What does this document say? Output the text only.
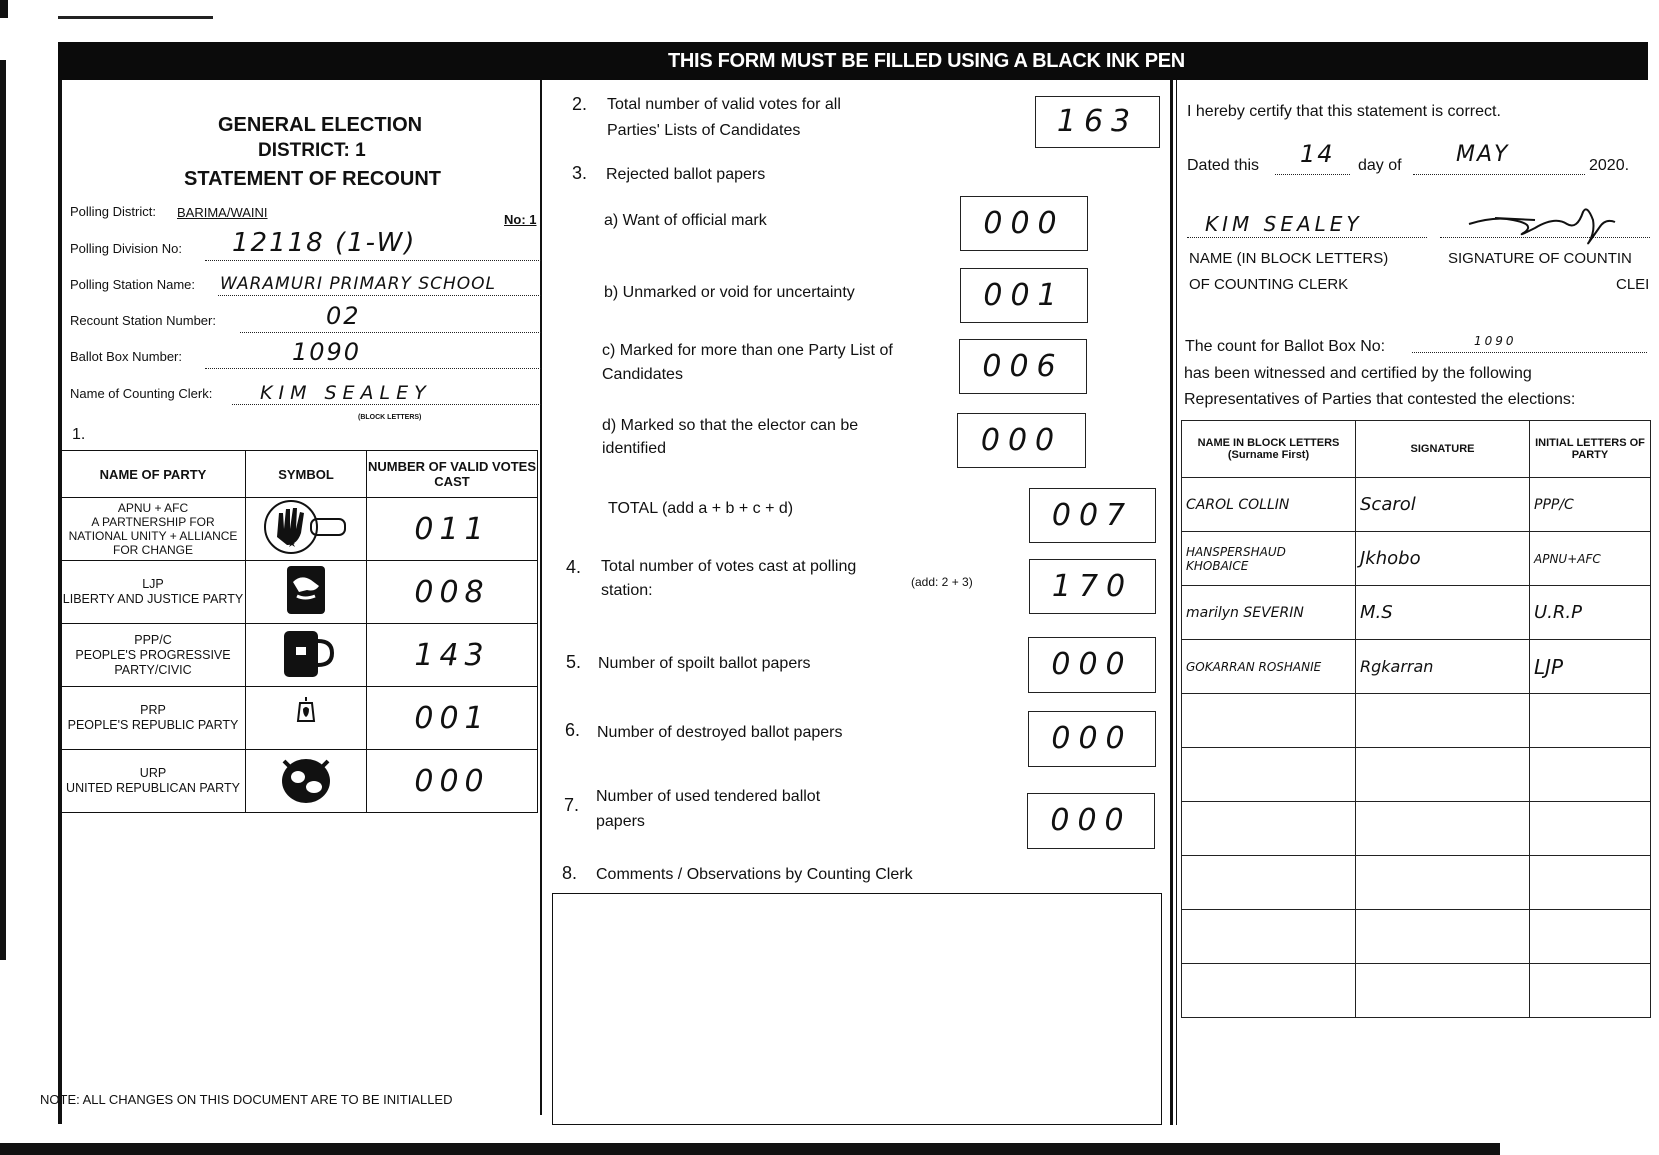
THIS FORM MUST BE FILLED USING A BLACK INK PEN
GENERAL ELECTION
DISTRICT: 1
STATEMENT OF RECOUNT
Polling District: BARIMA/WAINI	No: 1
Polling Division No: 12118 (1-W)
Polling Station Name: WARAMURI PRIMARY SCHOOL
Recount Station Number:	02
Ballot Box Number:	1090
Name of Counting Clerk:	KIM SEALEY
(BLOCK LETTERS)
1.
NAME OF PARTY	SYMBOL	NUMBER OF VALID VOTES CAST
APNU + AFC
A PARTNERSHIP FOR NATIONAL UNITY + ALLIANCE FOR CHANGE		011
LJP
LIBERTY AND JUSTICE PARTY		008
PPP/C
PEOPLE'S PROGRESSIVE PARTY/CIVIC		143
PRP
PEOPLE'S REPUBLIC PARTY		001
URP
UNITED REPUBLICAN PARTY		000
NOTE: ALL CHANGES ON THIS DOCUMENT ARE TO BE INITIALLED
2. Total number of valid votes for all
Parties' Lists of Candidates	163
3. Rejected ballot papers
a) Want of official mark	000
b) Unmarked or void for uncertainty	001
c) Marked for more than one Party List of
Candidates	006
d) Marked so that the elector can be
identified	000
TOTAL (add a + b + c + d)	007
4. Total number of votes cast at polling
station:	(add: 2 + 3)	170
5. Number of spoilt ballot papers	000
6. Number of destroyed ballot papers	000
7. Number of used tendered ballot
papers	000
8. Comments / Observations by Counting Clerk
I hereby certify that this statement is correct.
Dated this 14 day of MAY	2020.
KIM SEALEY
NAME (IN BLOCK LETTERS)
OF COUNTING CLERK
SIGNATURE OF COUNTIN
CLEI
The count for Ballot Box No:	1090
has been witnessed and certified by the following
Representatives of Parties that contested the elections:
NAME IN BLOCK LETTERS (Surname First)	SIGNATURE	INITIAL LETTERS OF PARTY
CAROL COLLIN	Scarol	PPP/C
HANSPERSHAUD KHOBAICE	Jkhobo	APNU+AFC
marilyn SEVERIN	M.S	U.R.P
GOKARRAN ROSHANIE	Rgkarran	LJP
